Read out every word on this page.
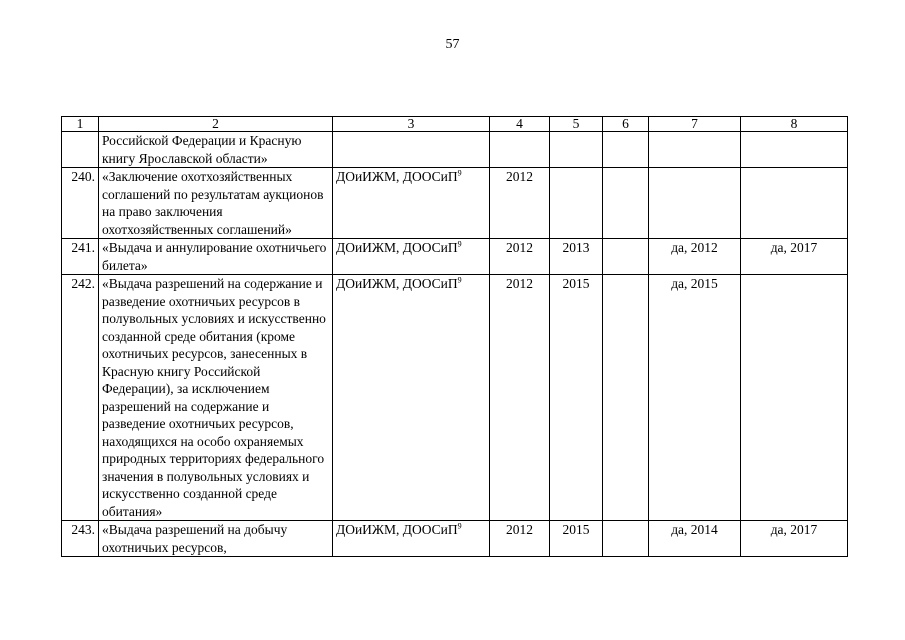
57
1	2	3	4	5	6	7	8
	Российской Федерации и Красную книгу Ярославской области»						
240.	«Заключение охотхозяйственных соглашений по результатам аукционов на право заключения охотхозяйственных соглашений»	ДОиИЖМ, ДООСиП$^9$	2012				
241.	«Выдача и аннулирование охотничьего билета»	ДОиИЖМ, ДООСиП$^9$	2012	2013		да, 2012	да, 2017
242.	«Выдача разрешений на содержание и разведение охотничьих ресурсов в полувольных условиях и искусственно созданной среде обитания (кроме охотничьих ресурсов, занесенных в Красную книгу Российской Федерации), за исключением разрешений на содержание и разведение охотничьих ресурсов, находящихся на особо охраняемых природных территориях федерального значения в полувольных условиях и искусственно созданной среде обитания»	ДОиИЖМ, ДООСиП$^9$	2012	2015		да, 2015	
243.	«Выдача разрешений на добычу охотничьих ресурсов,	ДОиИЖМ, ДООСиП$^9$	2012	2015		да, 2014	да, 2017
